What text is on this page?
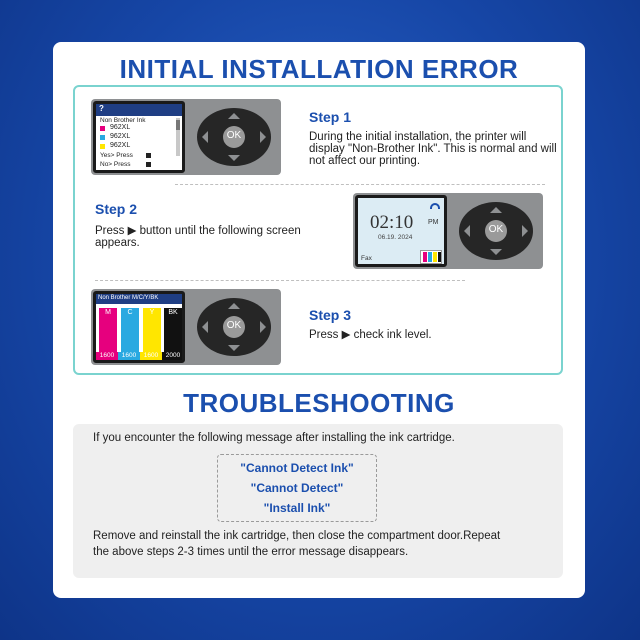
INITIAL INSTALLATION ERROR
?
Non Brother Ink
962XL
962XL
962XL
Yes> Press
No> Press
OK
Step 1
During the initial installation, the printer will display "Non-Brother Ink". This is normal and will not affect our printing.
Step 2
Press ▶ button until the following screen appears.
02:10 PM
06.19. 2024
Fax
OK
Non Brother M/C/Y/BK
M	C	Y	BK
1600	1600	1600	2000
OK
Step 3
Press ▶ check ink level.
TROUBLESHOOTING
If you encounter the following message after installing the ink cartridge.
"Cannot Detect Ink"
"Cannot Detect"
"Install Ink"
Remove and reinstall the ink cartridge, then close the compartment door.Repeat the above steps 2-3 times until the error message disappears.
